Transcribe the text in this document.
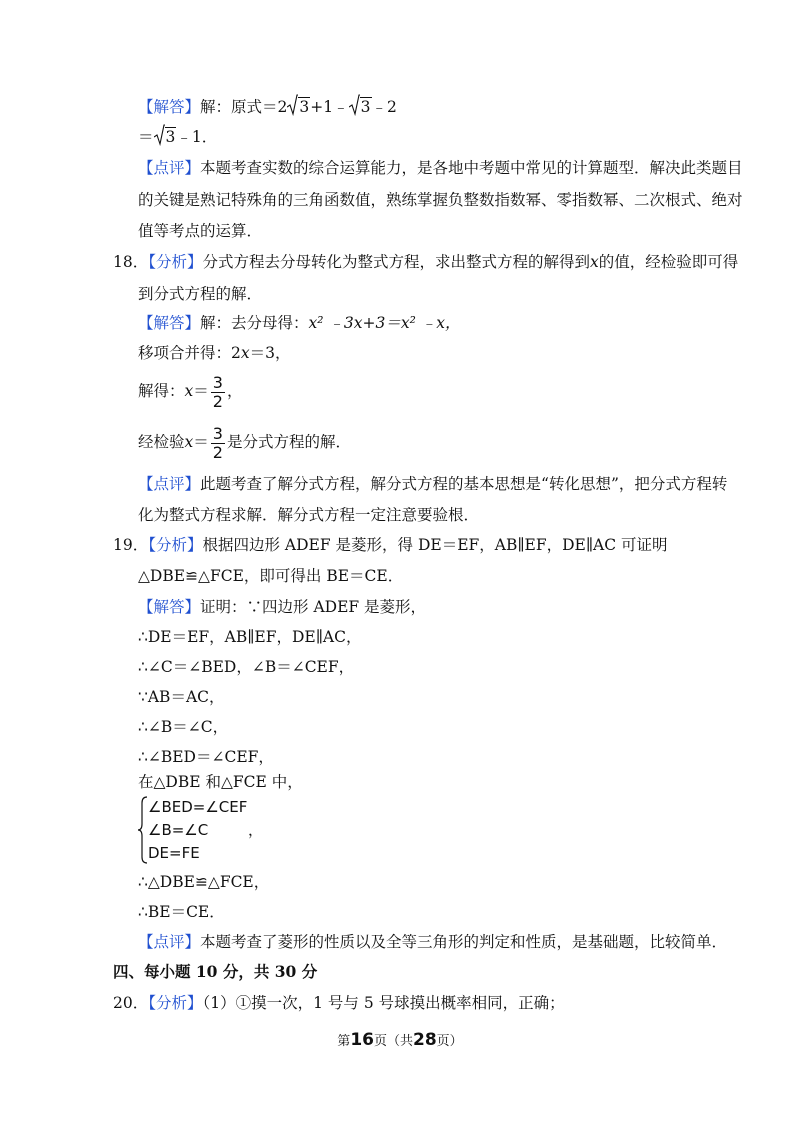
【解答】解：原式＝2 3+1﹣ 3﹣2
＝ 3﹣1．
【点评】本题考查实数的综合运算能力，是各地中考题中常见的计算题型．解决此类题目
的关键是熟记特殊角的三角函数值，熟练掌握负整数指数幂、零指数幂、二次根式、绝对
值等考点的运算．
18．【分析】分式方程去分母转化为整式方程，求出整式方程的解得到x的值，经检验即可得
到分式方程的解．
【解答】解：去分母得：x² ﹣3x+3＝x² ﹣x，
移项合并得：2x＝3，
解得：$x= \frac{3}{2}$ ，
经检验$x= \frac{3}{2}$ 是分式方程的解．
【点评】此题考查了解分式方程，解分式方程的基本思想是“转化思想”，把分式方程转
化为整式方程求解．解分式方程一定注意要验根．
19．【分析】根据四边形 ADEF 是菱形，得 DE＝EF，AB∥EF，DE∥AC 可证明
△DBE≌△FCE，即可得出 BE＝CE．
【解答】证明：∵四边形 ADEF 是菱形，
∴DE＝EF，AB∥EF，DE∥AC，
∴∠C＝∠BED，∠B＝∠CEF，
∵AB＝AC，
∴∠B＝∠C，
∴∠BED＝∠CEF，
在△DBE 和△FCE 中，
∠BED=∠CEF
∠B=∠C	，
DE=FE
∴△DBE≌△FCE，
∴BE＝CE．
【点评】本题考查了菱形的性质以及全等三角形的判定和性质，是基础题，比较简单．
四、每小题 10 分，共 30 分
20．【分析】（1）①摸一次，1 号与 5 号球摸出概率相同，正确；
第16页（共28页）
